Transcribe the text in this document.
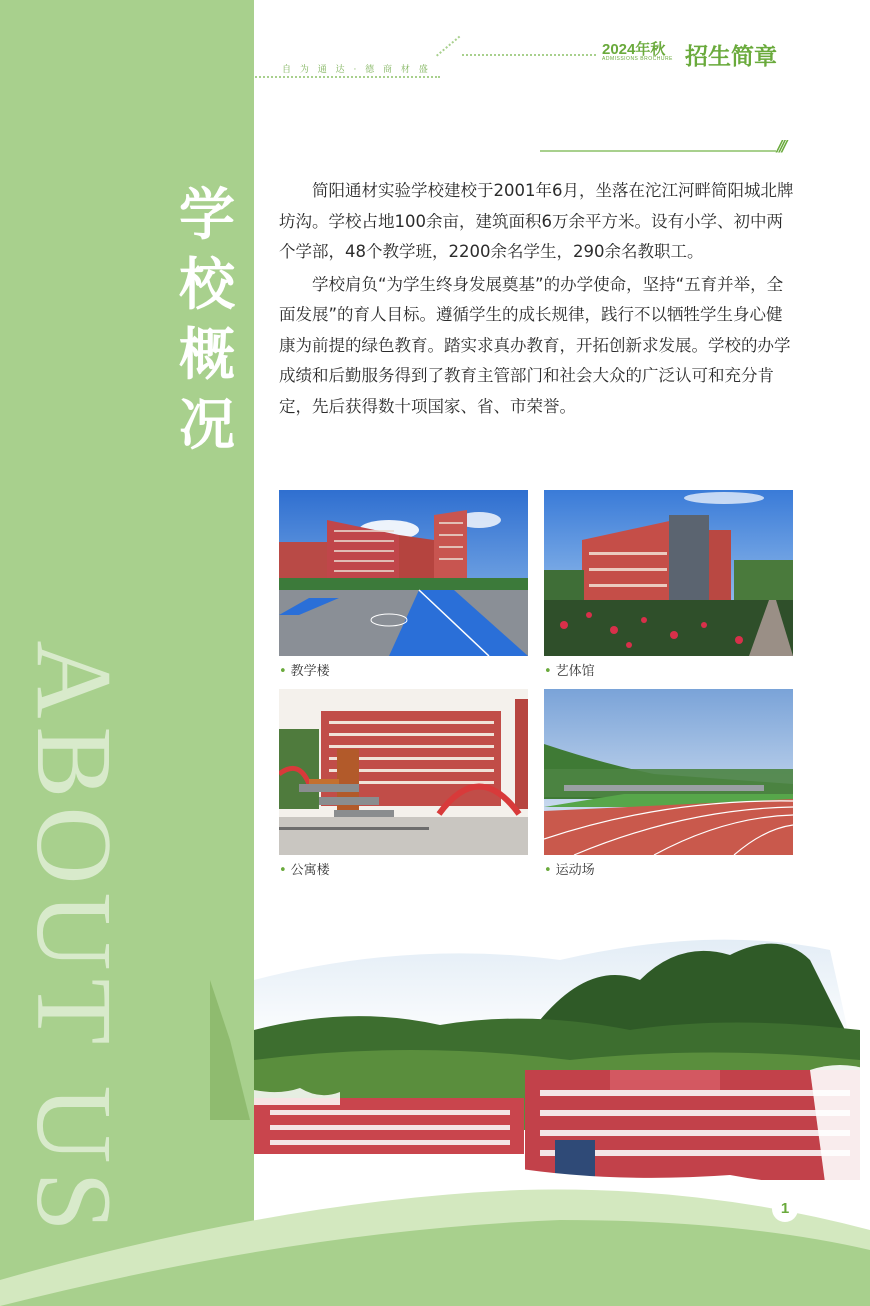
学
校
概
况
ABOUT US
自 为 通 达 · 德 商 材 盛
2024年秋
ADMISSIONS BROCHURE 招生简章
///

简阳通材实验学校建校于2001年6月，坐落在沱江河畔简阳城北牌坊沟。学校占地100余亩，建筑面积6万余平方米。设有小学、初中两个学部，48个教学班，2200余名学生，290余名教职工。

学校肩负“为学生终身发展奠基”的办学使命，坚持“五育并举，全面发展”的育人目标。遵循学生的成长规律，践行不以牺牲学生身心健康为前提的绿色教育。踏实求真办教育，开拓创新求发展。学校的办学成绩和后勤服务得到了教育主管部门和社会大众的广泛认可和充分肯定，先后获得数十项国家、省、市荣誉。

• 教学楼	• 艺体馆
• 公寓楼	• 运动场
1
